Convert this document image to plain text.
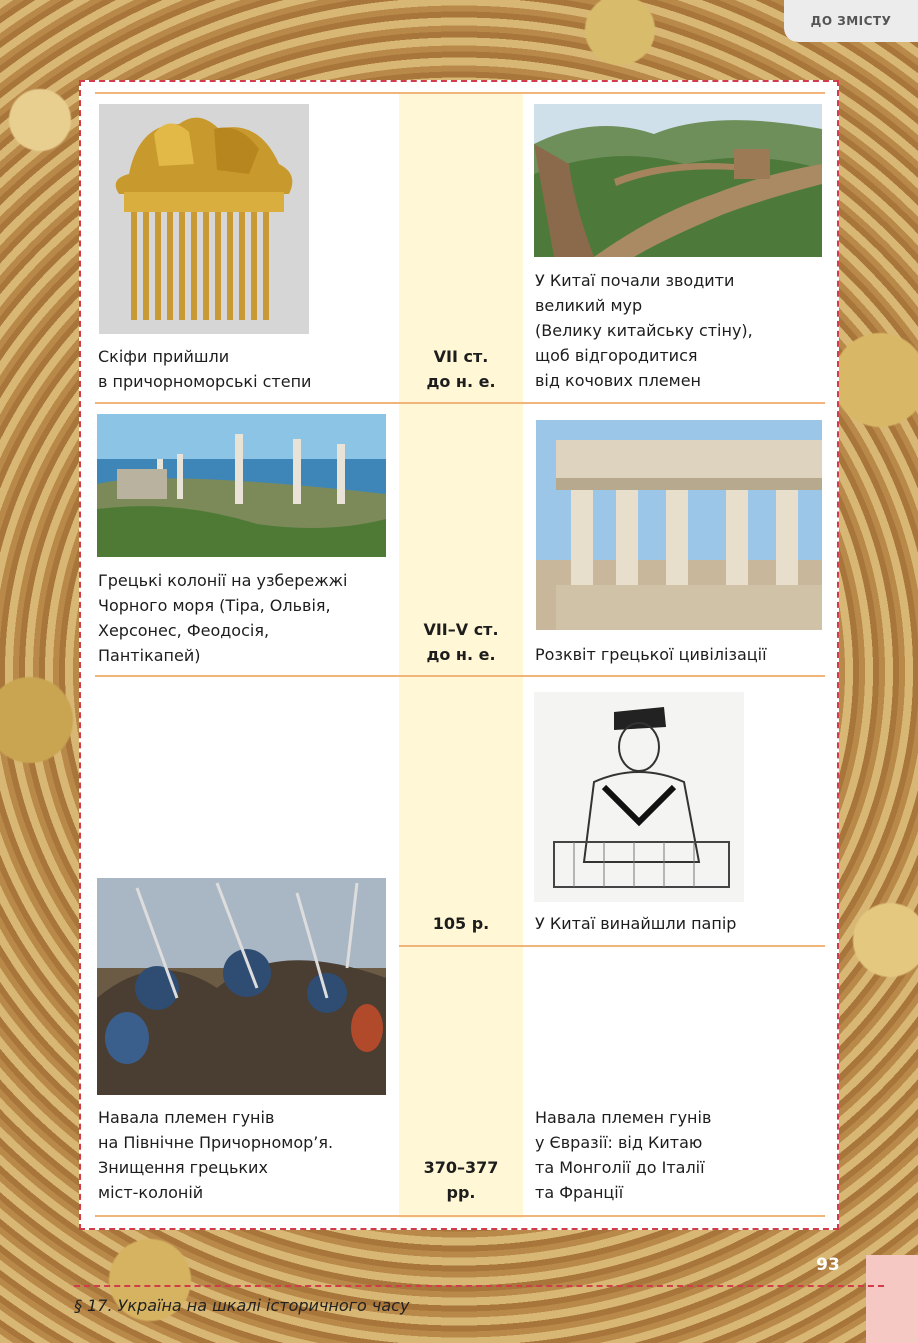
ДО ЗМІСТУ
Скіфи прийшли
в причорноморські степи
VII ст.
до н. е.
У Китаї почали зводити
великий мур
(Велику китайську стіну),
щоб відгородитися
від кочових племен
Грецькі колонії на узбережжі
Чорного моря (Тіра, Ольвія,
Херсонес, Феодосія,
Пантікапей)
VII–V ст.
до н. е.	Розквіт грецької цивілізації
105 р.	У Китаї винайшли папір
Навала племен гунів
на Північне Причорномор’я.
Знищення грецьких
міст-колоній
370–377
рр.
Навала племен гунів
у Євразії: від Китаю
та Монголії до Італії
та Франції
93
§ 17. Україна на шкалі історичного часу
